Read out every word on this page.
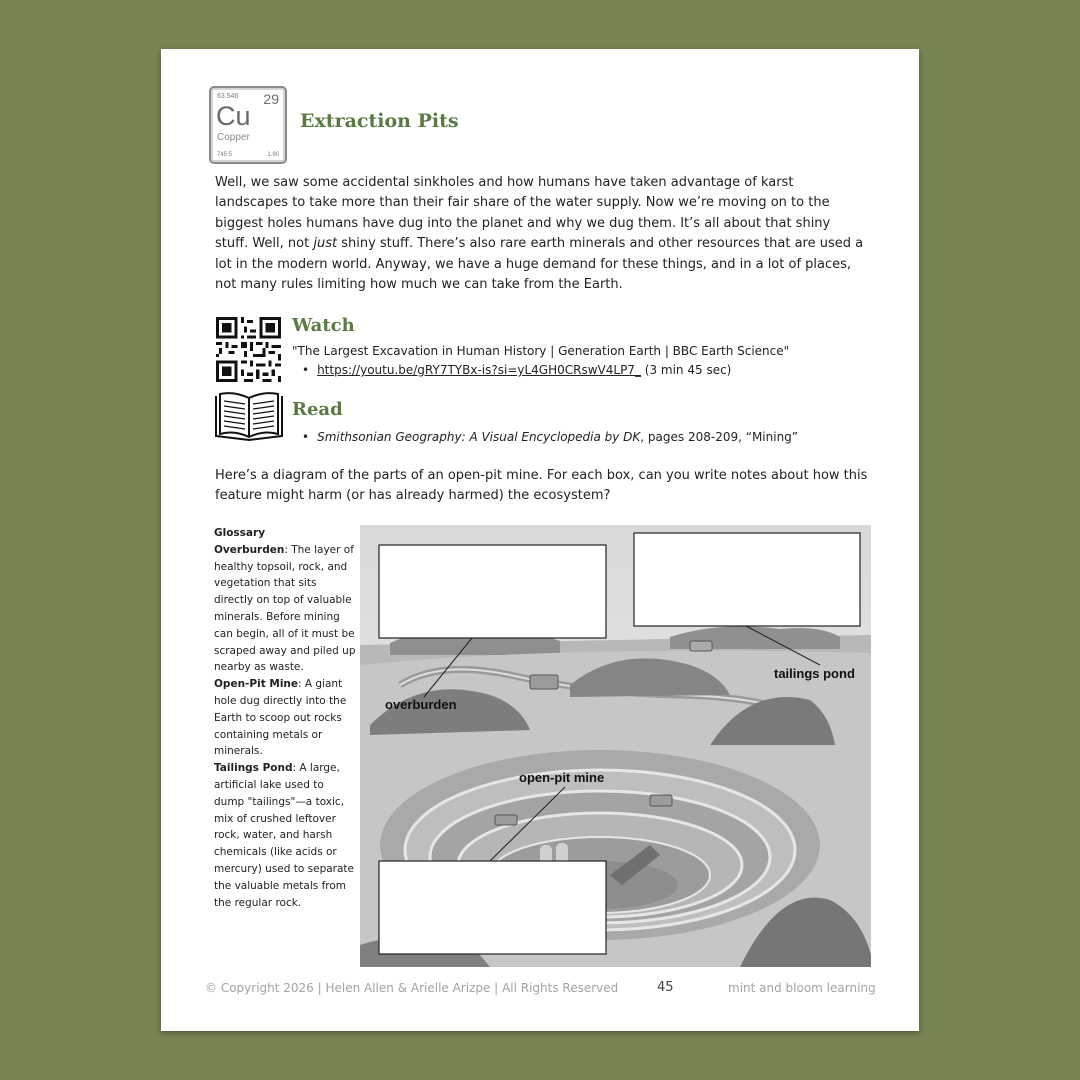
63.546 29
Cu
Copper
745.5	1.90
Extraction Pits

Well, we saw some accidental sinkholes and how humans have taken advantage of karst landscapes to take more than their fair share of the water supply. Now we’re moving on to the biggest holes humans have dug into the planet and why we dug them. It’s all about that shiny stuff. Well, not just shiny stuff. There’s also rare earth minerals and other resources that are used a lot in the modern world. Anyway, we have a huge demand for these things, and in a lot of places, not many rules limiting how much we can take from the Earth.

Watch
"The Largest Excavation in Human History | Generation Earth | BBC Earth Science"
• https://youtu.be/gRY7TYBx-is?si=yL4GH0CRswV4LP7_ (3 min 45 sec)
Read
• Smithsonian Geography: A Visual Encyclopedia by DK, pages 208-209, “Mining”

Here’s a diagram of the parts of an open-pit mine. For each box, can you write notes about how this feature might harm (or has already harmed) the ecosystem?

Glossary
Overburden: The layer of healthy topsoil, rock, and vegetation that sits directly on top of valuable minerals. Before mining can begin, all of it must be scraped away and piled up nearby as waste.
Open-Pit Mine: A giant hole dug directly into the Earth to scoop out rocks containing metals or minerals.
Tailings Pond: A large, artificial lake used to dump "tailings"—a toxic, mix of crushed leftover rock, water, and harsh chemicals (like acids or mercury) used to separate the valuable metals from the regular rock.
overburden
tailings pond
open-pit mine
© Copyright 2026 | Helen Allen & Arielle Arizpe | All Rights Reserved	45	mint and bloom learning
